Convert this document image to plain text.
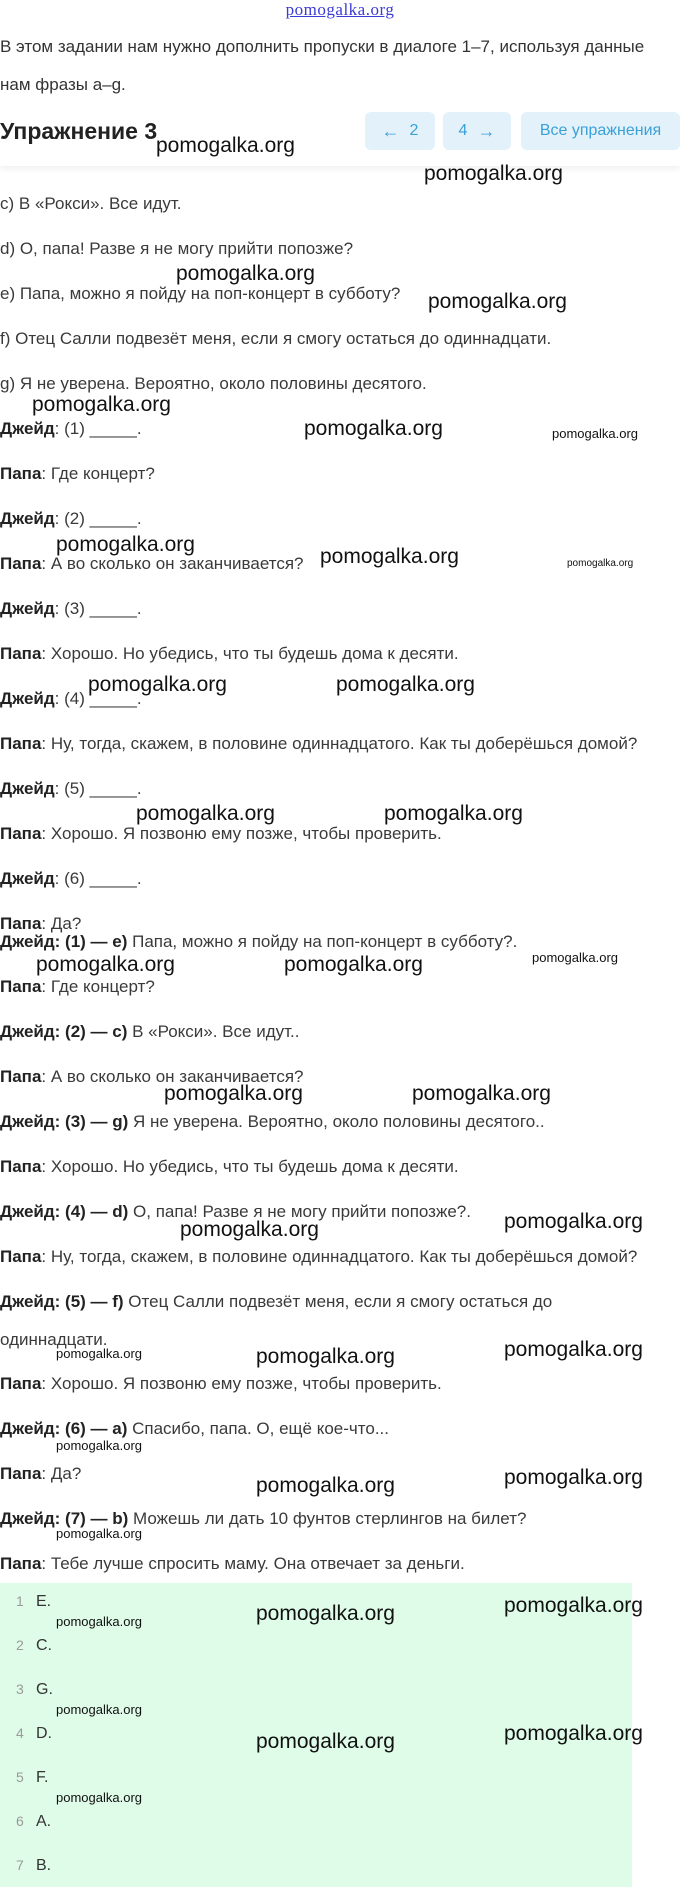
pomogalka.org
В этом задании нам нужно дополнить пропуски в диалоге 1–7, используя данные нам фразы a–g.
Упражнение 3	← 2	4 →	Все упражнения
c) В «Рокси». Все идут.
d) О, папа! Разве я не могу прийти попозже?
e) Папа, можно я пойду на поп-концерт в субботу?
f) Отец Салли подвезёт меня, если я смогу остаться до одиннадцати.
g) Я не уверена. Вероятно, около половины десятого.
Джейд: (1) _____.
Папа: Где концерт?
Джейд: (2) _____.
Папа: А во сколько он заканчивается?
Джейд: (3) _____.
Папа: Хорошо. Но убедись, что ты будешь дома к десяти.
Джейд: (4) _____.
Папа: Ну, тогда, скажем, в половине одиннадцатого. Как ты доберёшься домой?
Джейд: (5) _____.
Папа: Хорошо. Я позвоню ему позже, чтобы проверить.
Джейд: (6) _____.
Папа: Да?
Джейд: (1) — e) Папа, можно я пойду на поп-концерт в субботу?.
Папа: Где концерт?
Джейд: (2) — c) В «Рокси». Все идут..
Папа: А во сколько он заканчивается?
Джейд: (3) — g) Я не уверена. Вероятно, около половины десятого..
Папа: Хорошо. Но убедись, что ты будешь дома к десяти.
Джейд: (4) — d) О, папа! Разве я не могу прийти попозже?.
Папа: Ну, тогда, скажем, в половине одиннадцатого. Как ты доберёшься домой?
Джейд: (5) — f) Отец Салли подвезёт меня, если я смогу остаться до
одиннадцати.
Папа: Хорошо. Я позвоню ему позже, чтобы проверить.
Джейд: (6) — a) Спасибо, папа. О, ещё кое-что...
Папа: Да?
Джейд: (7) — b) Можешь ли дать 10 фунтов стерлингов на билет?
Папа: Тебе лучше спросить маму. Она отвечает за деньги.
1 E.
2 C.
3 G.
4 D.
5 F.
6 A.
7 B.
pomogalka.org
pomogalka.org
pomogalka.org
pomogalka.org
pomogalka.org
pomogalka.org	pomogalka.org
pomogalka.org
pomogalka.org	pomogalka.org
pomogalka.org	pomogalka.org
pomogalka.org	pomogalka.org
pomogalka.org	pomogalka.org	pomogalka.org
pomogalka.org	pomogalka.org
pomogalka.org
pomogalka.org
pomogalka.org	pomogalka.org	pomogalka.org
pomogalka.org
pomogalka.org	pomogalka.org
pomogalka.org
pomogalka.org	pomogalka.org
pomogalka.org
pomogalka.org
pomogalka.org	pomogalka.org
pomogalka.org
